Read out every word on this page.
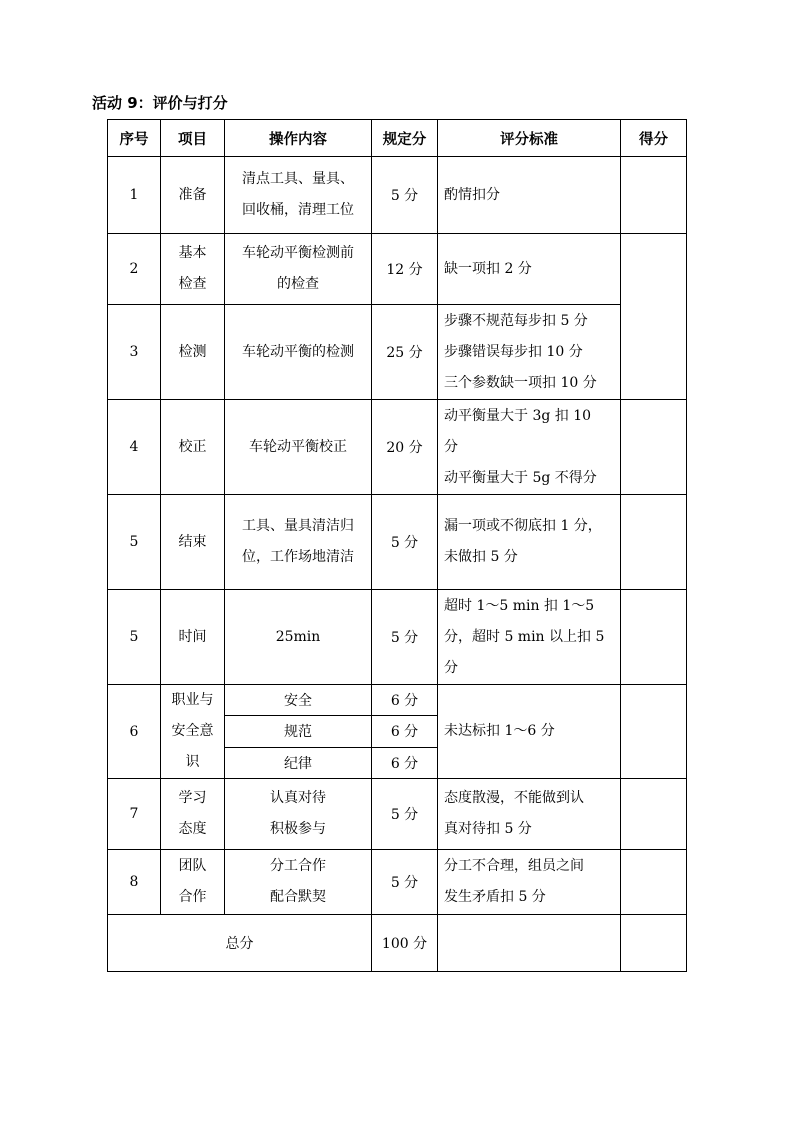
活动 9：评价与打分
序号	项目	操作内容	规定分	评分标准	得分
1	准备	清点工具、量具、
回收桶，清理工位	5 分	酌情扣分	

2	基本
检查	车轮动平衡检测前
的检查	12 分	缺一项扣 2 分	

3	检测	车轮动平衡的检测	25 分	步骤不规范每步扣 5 分
步骤错误每步扣 10 分
三个参数缺一项扣 10 分	

4	校正	车轮动平衡校正	20 分	动平衡量大于 3g 扣 10
分
动平衡量大于 5g 不得分	

5	结束	工具、量具清洁归
位，工作场地清洁	5 分	漏一项或不彻底扣 1 分，
未做扣 5 分	

5	时间	25min	5 分	超时 1～5 min 扣 1～5
分，超时 5 min 以上扣 5
分	

6	职业与
安全意
识	安全	6 分	未达标扣 1～6 分	

		规范	6 分		
		纪律	6 分		
7	学习
态度	认真对待
积极参与	5 分	态度散漫，不能做到认
真对待扣 5 分	

8	团队
合作	分工合作
配合默契	5 分	分工不合理，组员之间
发生矛盾扣 5 分	

总分			100 分		
